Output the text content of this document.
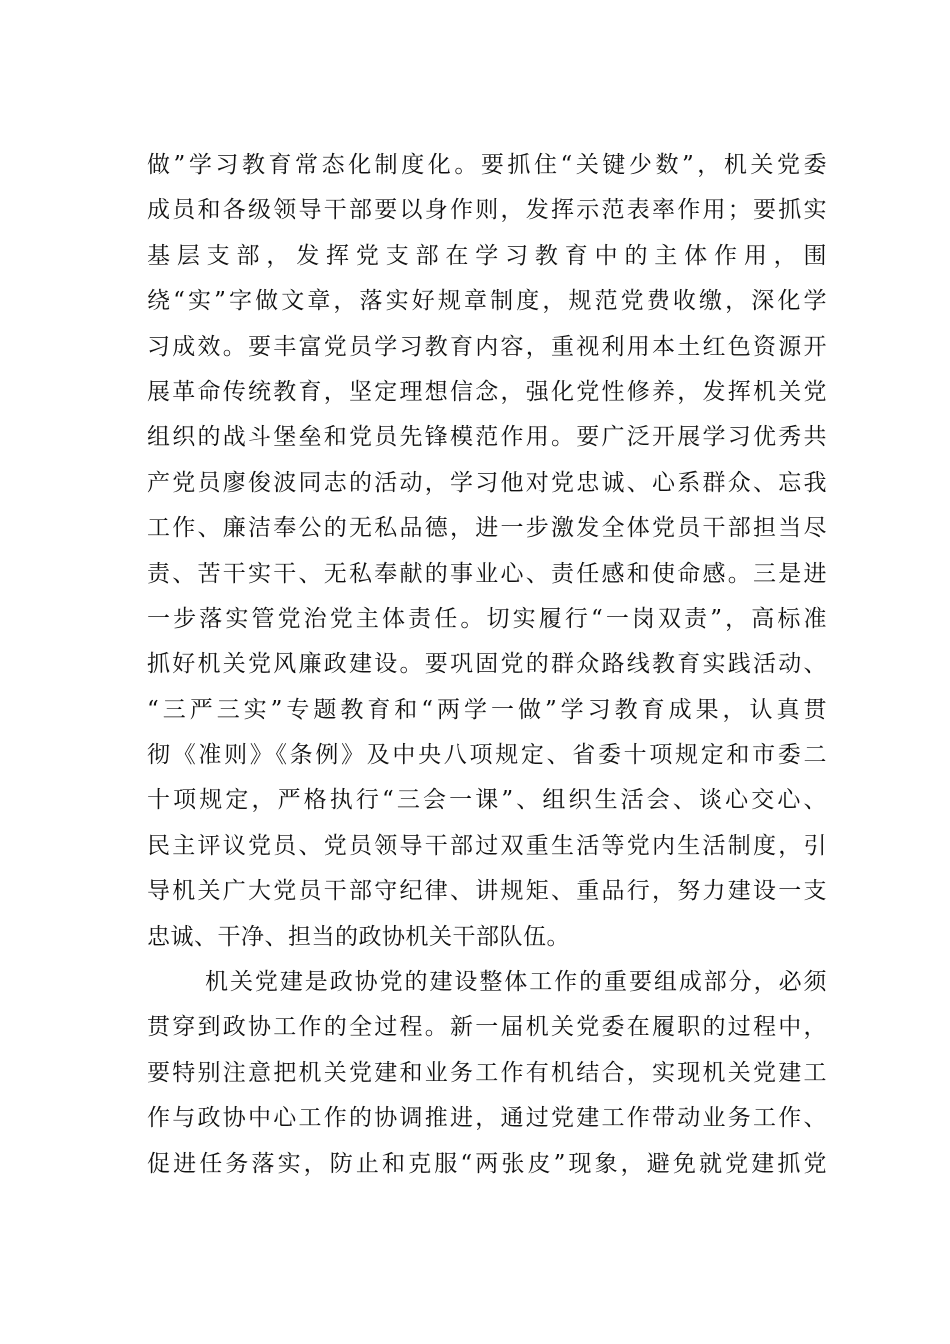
做”学习教育常态化制度化。要抓住“关键少数”，机关党委
成员和各级领导干部要以身作则，发挥示范表率作用；要抓实
基层支部，发挥党支部在学习教育中的主体作用，围
绕“实”字做文章，落实好规章制度，规范党费收缴，深化学
习成效。要丰富党员学习教育内容，重视利用本土红色资源开
展革命传统教育，坚定理想信念，强化党性修养，发挥机关党
组织的战斗堡垒和党员先锋模范作用。要广泛开展学习优秀共
产党员廖俊波同志的活动，学习他对党忠诚、心系群众、忘我
工作、廉洁奉公的无私品德，进一步激发全体党员干部担当尽
责、苦干实干、无私奉献的事业心、责任感和使命感。三是进
一步落实管党治党主体责任。切实履行“一岗双责”，高标准
抓好机关党风廉政建设。要巩固党的群众路线教育实践活动、
“三严三实”专题教育和“两学一做”学习教育成果，认真贯
彻《准则》《条例》及中央八项规定、省委十项规定和市委二
十项规定，严格执行“三会一课”、组织生活会、谈心交心、
民主评议党员、党员领导干部过双重生活等党内生活制度，引
导机关广大党员干部守纪律、讲规矩、重品行，努力建设一支
忠诚、干净、担当的政协机关干部队伍。
机关党建是政协党的建设整体工作的重要组成部分，必须
贯穿到政协工作的全过程。新一届机关党委在履职的过程中，
要特别注意把机关党建和业务工作有机结合，实现机关党建工
作与政协中心工作的协调推进，通过党建工作带动业务工作、
促进任务落实，防止和克服“两张皮”现象，避免就党建抓党
